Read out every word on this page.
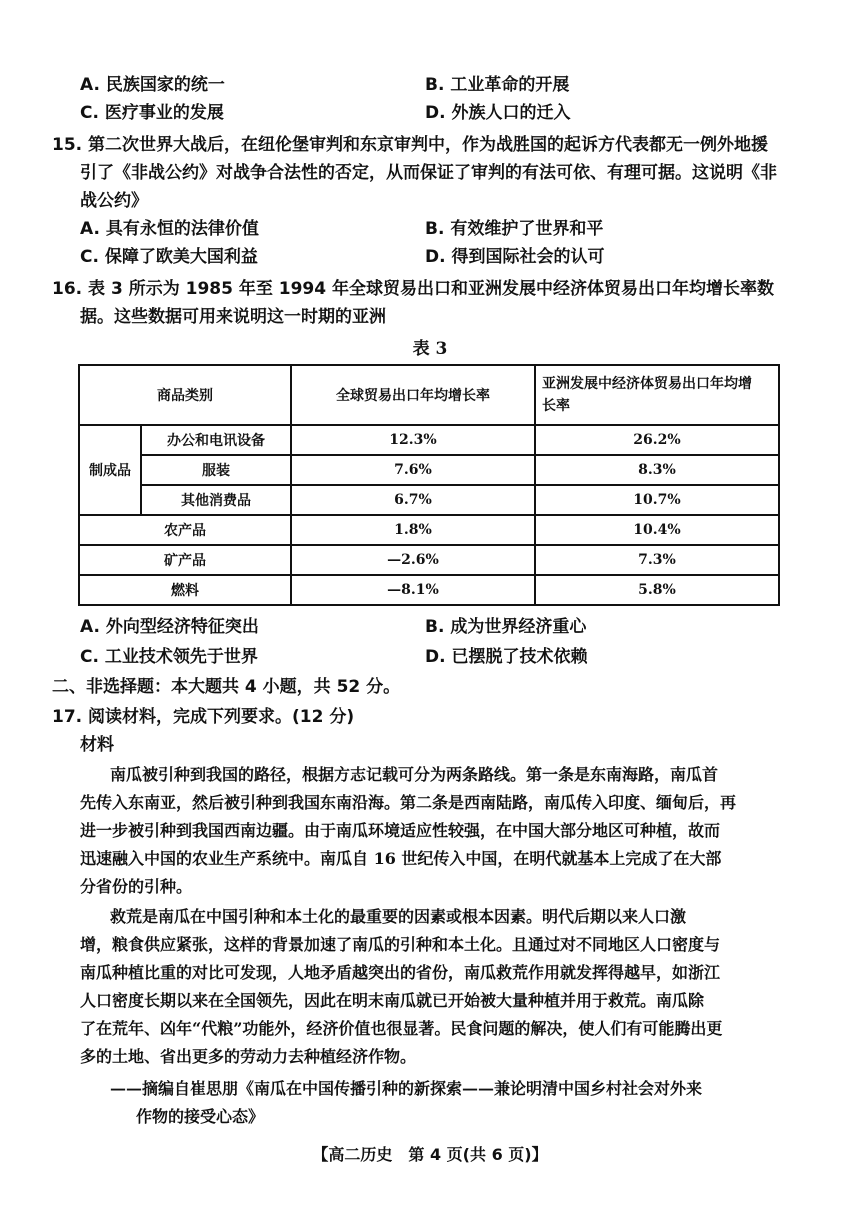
A. 民族国家的统一	B. 工业革命的开展
C. 医疗事业的发展	D. 外族人口的迁入
15. 第二次世界大战后，在纽伦堡审判和东京审判中，作为战胜国的起诉方代表都无一例外地援
引了《非战公约》对战争合法性的否定，从而保证了审判的有法可依、有理可据。这说明《非
战公约》
A. 具有永恒的法律价值	B. 有效维护了世界和平
C. 保障了欧美大国利益	D. 得到国际社会的认可
16. 表 3 所示为 1985 年至 1994 年全球贸易出口和亚洲发展中经济体贸易出口年均增长率数
据。这些数据可用来说明这一时期的亚洲
表 3
商品类别		全球贸易出口年均增长率	亚洲发展中经济体贸易出口年均增
长率

制成品	办公和电讯设备	12.3%	26.2%
	服装	7.6%	8.3%
	其他消费品	6.7%	10.7%
农产品		1.8%	10.4%
矿产品		—2.6%	7.3%
燃料		—8.1%	5.8%
A. 外向型经济特征突出	B. 成为世界经济重心
C. 工业技术领先于世界	D. 已摆脱了技术依赖
二、非选择题：本大题共 4 小题，共 52 分。
17. 阅读材料，完成下列要求。(12 分)
材料
南瓜被引种到我国的路径，根据方志记载可分为两条路线。第一条是东南海路，南瓜首
先传入东南亚，然后被引种到我国东南沿海。第二条是西南陆路，南瓜传入印度、缅甸后，再
进一步被引种到我国西南边疆。由于南瓜环境适应性较强，在中国大部分地区可种植，故而
迅速融入中国的农业生产系统中。南瓜自 16 世纪传入中国，在明代就基本上完成了在大部
分省份的引种。
救荒是南瓜在中国引种和本土化的最重要的因素或根本因素。明代后期以来人口激
增，粮食供应紧张，这样的背景加速了南瓜的引种和本土化。且通过对不同地区人口密度与
南瓜种植比重的对比可发现，人地矛盾越突出的省份，南瓜救荒作用就发挥得越早，如浙江
人口密度长期以来在全国领先，因此在明末南瓜就已开始被大量种植并用于救荒。南瓜除
了在荒年、凶年“代粮”功能外，经济价值也很显著。民食问题的解决，使人们有可能腾出更
多的土地、省出更多的劳动力去种植经济作物。
——摘编自崔思朋《南瓜在中国传播引种的新探索——兼论明清中国乡村社会对外来
作物的接受心态》
【高二历史　第 4 页(共 6 页)】
